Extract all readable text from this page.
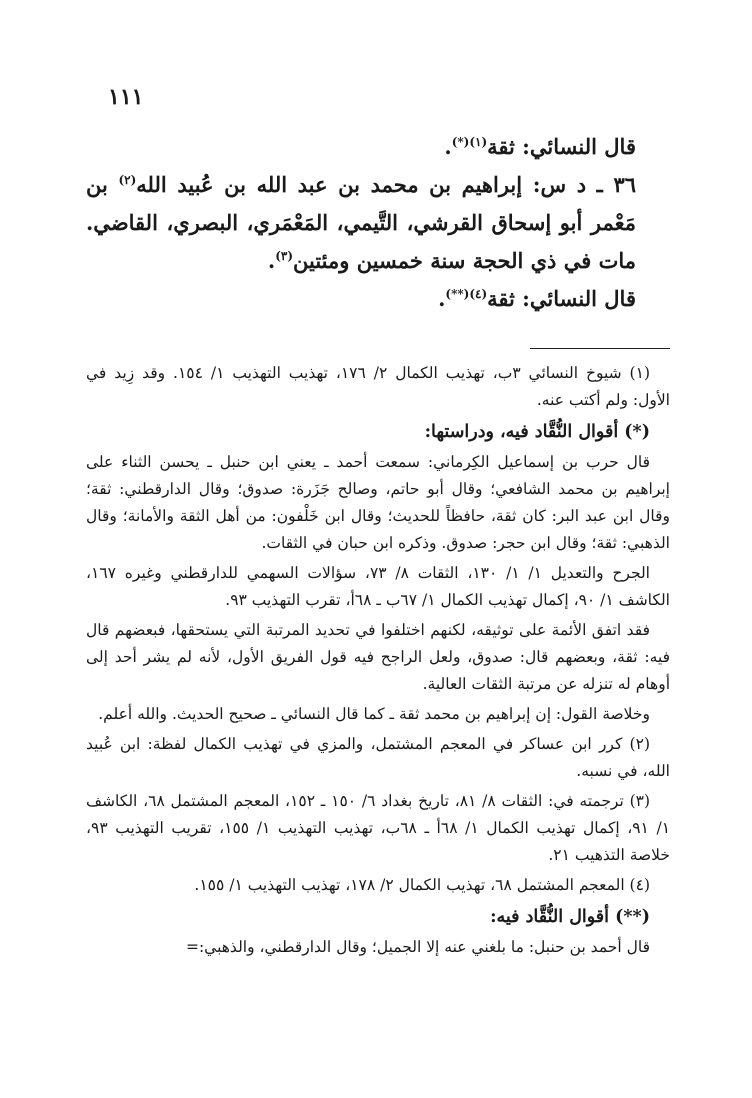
١١١

قال النسائي: ثقة$^{(١)(*)}$.

٣٦ ـ د س: إبراهيم بن محمد بن عبد الله بن عُبيد الله$^{(٢)}$ بن مَعْمر أبو إسحاق القرشي، التَّيمي، المَعْمَري، البصري، القاضي. مات في ذي الحجة سنة خمسين ومئتين$^{(٣)}$.

قال النسائي: ثقة$^{(٤)(**)}$.

(١) شيوخ النسائي ٣ب، تهذيب الكمال ٢/ ١٧٦، تهذيب التهذيب ١/ ١٥٤. وقد زِيد في الأول: ولم أكتب عنه.

(*) أقوال النُّقَّاد فيه، ودراستها:

قال حرب بن إسماعيل الكِرماني: سمعت أحمد ـ يعني ابن حنبل ـ يحسن الثناء على إبراهيم بن محمد الشافعي؛ وقال أبو حاتم، وصالح جَزَرة: صدوق؛ وقال الدارقطني: ثقة؛ وقال ابن عبد البر: كان ثقة، حافظاً للحديث؛ وقال ابن خَلْفون: من أهل الثقة والأمانة؛ وقال الذهبي: ثقة؛ وقال ابن حجر: صدوق. وذكره ابن حبان في الثقات.

الجرح والتعديل ١/ ١/ ١٣٠، الثقات ٨/ ٧٣، سؤالات السهمي للدارقطني وغيره ١٦٧، الكاشف ١/ ٩٠، إكمال تهذيب الكمال ١/ ٦٧ب ـ ٦٨أ، تقرب التهذيب ٩٣.

فقد اتفق الأئمة على توثيقه، لكنهم اختلفوا في تحديد المرتبة التي يستحقها، فبعضهم قال فيه: ثقة، وبعضهم قال: صدوق، ولعل الراجح فيه قول الفريق الأول، لأنه لم يشر أحد إلى أوهام له تنزله عن مرتبة الثقات العالية.

وخلاصة القول: إن إبراهيم بن محمد ثقة ـ كما قال النسائي ـ صحيح الحديث. والله أعلم.

(٢) كرر ابن عساكر في المعجم المشتمل، والمزي في تهذيب الكمال لفظة: ابن عُبيد الله، في نسبه.

(٣) ترجمته في: الثقات ٨/ ٨١، تاريخ بغداد ٦/ ١٥٠ ـ ١٥٢، المعجم المشتمل ٦٨، الكاشف ١/ ٩١، إكمال تهذيب الكمال ١/ ٦٨أ ـ ٦٨ب، تهذيب التهذيب ١/ ١٥٥، تقريب التهذيب ٩٣، خلاصة التذهيب ٢١.

(٤) المعجم المشتمل ٦٨، تهذيب الكمال ٢/ ١٧٨، تهذيب التهذيب ١/ ١٥٥.

(**) أقوال النُّقَّاد فيه:

قال أحمد بن حنبل: ما بلغني عنه إلا الجميل؛ وقال الدارقطني، والذهبي:=
